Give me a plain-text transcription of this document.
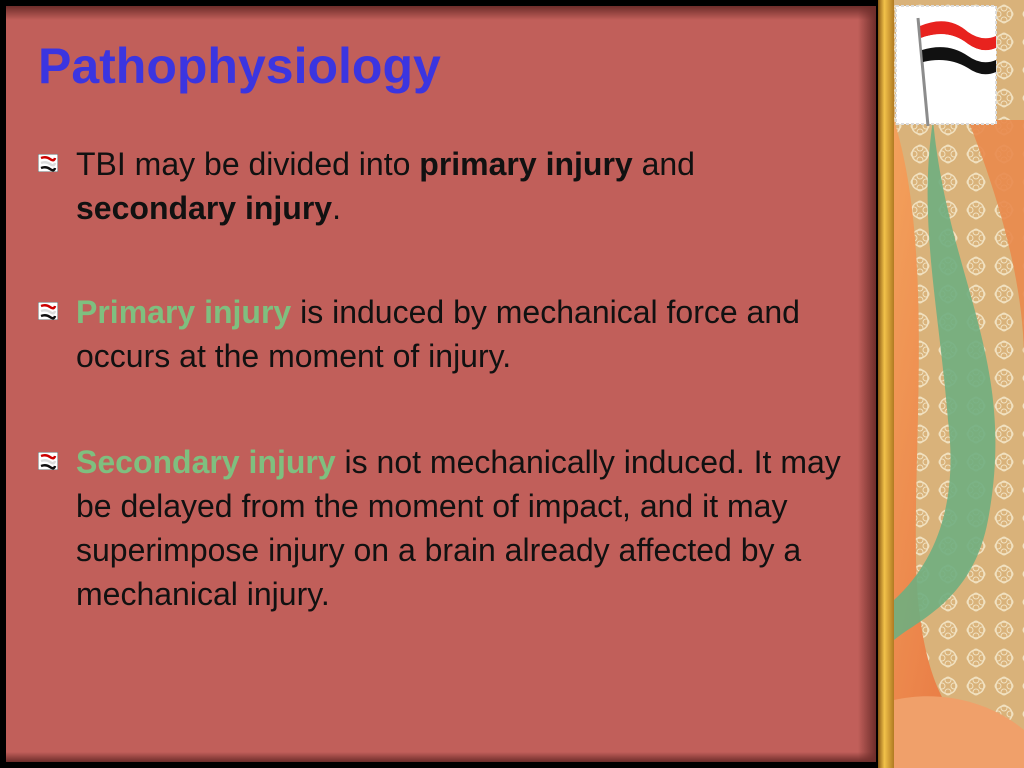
Pathophysiology
TBI may be divided into primary injury and secondary injury.
Primary injury is induced by mechanical force and occurs at the moment of injury.
Secondary injury is not mechanically induced. It may be delayed from the moment of impact, and it may superimpose injury on a brain already affected by a mechanical injury.
